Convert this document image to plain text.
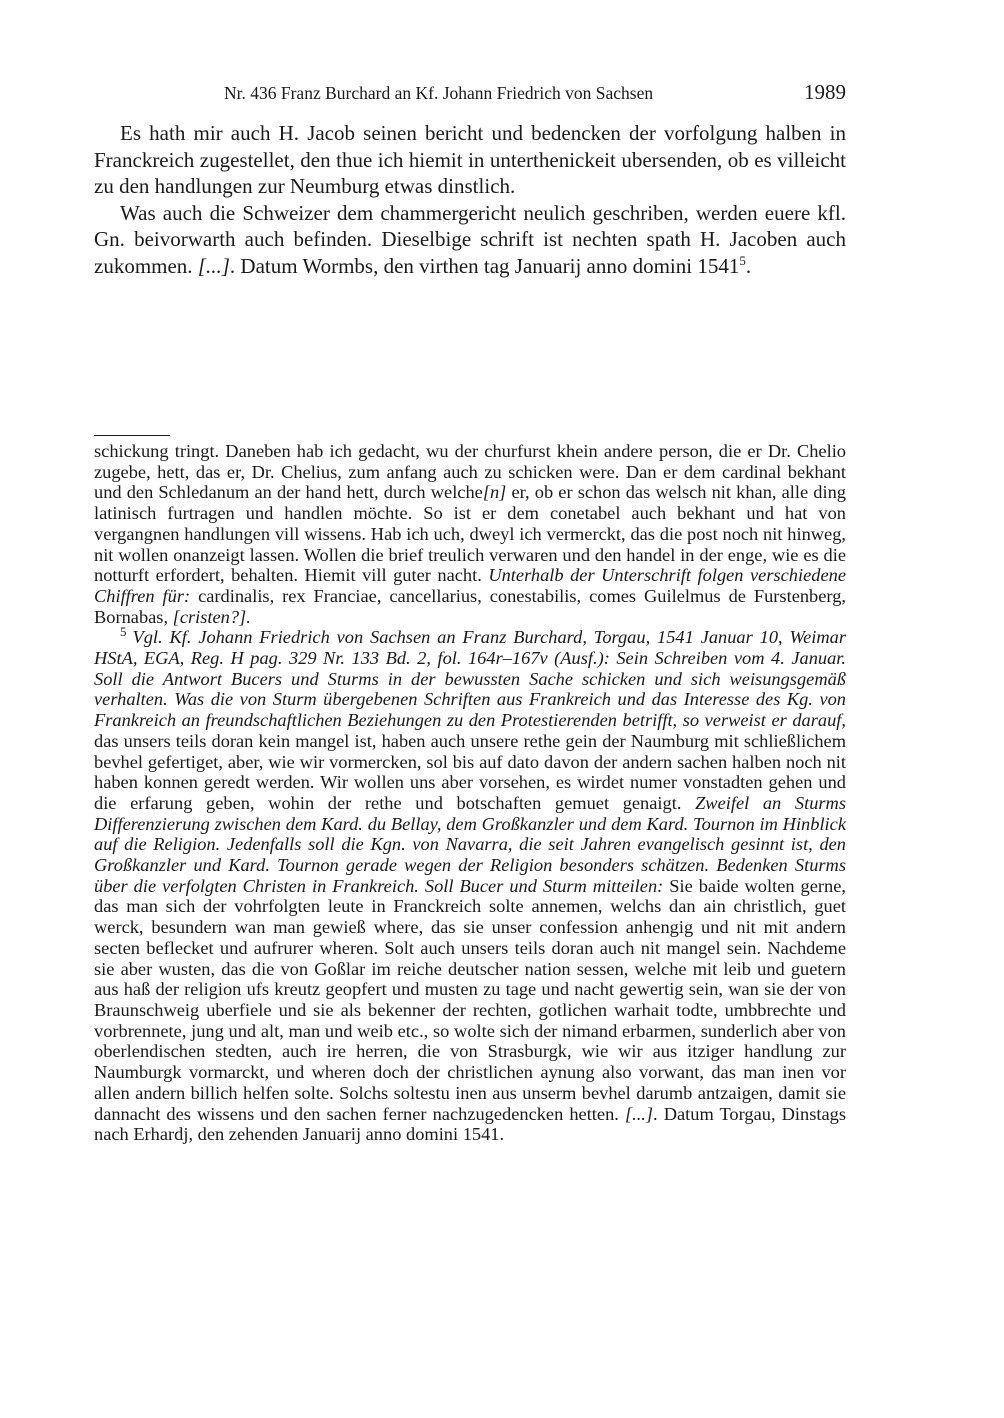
Nr. 436 Franz Burchard an Kf. Johann Friedrich von Sachsen	1989

Es hath mir auch H. Jacob seinen bericht und bedencken der vorfolgung halben in Franckreich zugestellet, den thue ich hiemit in unterthenickeit ubersenden, ob es villeicht zu den handlungen zur Neumburg etwas dinstlich.

Was auch die Schweizer dem chammergericht neulich geschriben, werden euere kfl. Gn. beivorwarth auch befinden. Dieselbige schrift ist nechten spath H. Jacoben auch zukommen. [...]. Datum Wormbs, den virthen tag Januarij anno domini 1541$^5$.

schickung tringt. Daneben hab ich gedacht, wu der churfurst khein andere person, die er Dr. Chelio zugebe, hett, das er, Dr. Chelius, zum anfang auch zu schicken were. Dan er dem cardinal bekhant und den Schledanum an der hand hett, durch welche[n] er, ob er schon das welsch nit khan, alle ding latinisch furtragen und handlen möchte. So ist er dem conetabel auch bekhant und hat von vergangnen handlungen vill wissens. Hab ich uch, dweyl ich vermerckt, das die post noch nit hinweg, nit wollen onanzeigt lassen. Wollen die brief treulich verwaren und den handel in der enge, wie es die notturft erfordert, behalten. Hiemit vill guter nacht. Unterhalb der Unterschrift folgen verschiedene Chiffren für: cardinalis, rex Franciae, cancellarius, conestabilis, comes Guilelmus de Furstenberg, Bornabas, [cristen?].

$^5$ Vgl. Kf. Johann Friedrich von Sachsen an Franz Burchard, Torgau, 1541 Januar 10, Weimar HStA, EGA, Reg. H pag. 329 Nr. 133 Bd. 2, fol. 164r–167v (Ausf.): Sein Schreiben vom 4. Januar. Soll die Antwort Bucers und Sturms in der bewussten Sache schicken und sich weisungsgemäß verhalten. Was die von Sturm übergebenen Schriften aus Frankreich und das Interesse des Kg. von Frankreich an freundschaftlichen Beziehungen zu den Protestierenden betrifft, so verweist er darauf, das unsers teils doran kein mangel ist, haben auch unsere rethe gein der Naumburg mit schließlichem bevhel gefertiget, aber, wie wir vormercken, sol bis auf dato davon der andern sachen halben noch nit haben konnen geredt werden. Wir wollen uns aber vorsehen, es wirdet numer vonstadten gehen und die erfarung geben, wohin der rethe und botschaften gemuet genaigt. Zweifel an Sturms Differenzierung zwischen dem Kard. du Bellay, dem Großkanzler und dem Kard. Tournon im Hinblick auf die Religion. Jedenfalls soll die Kgn. von Navarra, die seit Jahren evangelisch gesinnt ist, den Großkanzler und Kard. Tournon gerade wegen der Religion besonders schätzen. Bedenken Sturms über die verfolgten Christen in Frankreich. Soll Bucer und Sturm mitteilen: Sie baide wolten gerne, das man sich der vohrfolgten leute in Franckreich solte annemen, welchs dan ain christlich, guet werck, besundern wan man gewieß where, das sie unser confession anhengig und nit mit andern secten beflecket und aufrurer wheren. Solt auch unsers teils doran auch nit mangel sein. Nachdeme sie aber wusten, das die von Goßlar im reiche deutscher nation sessen, welche mit leib und guetern aus haß der religion ufs kreutz geopfert und musten zu tage und nacht gewertig sein, wan sie der von Braunschweig uberfiele und sie als bekenner der rechten, gotlichen warhait todte, umbbrechte und vorbrennete, jung und alt, man und weib etc., so wolte sich der nimand erbarmen, sunderlich aber von oberlendischen stedten, auch ire herren, die von Strasburgk, wie wir aus itziger handlung zur Naumburgk vormarckt, und wheren doch der christlichen aynung also vorwant, das man inen vor allen andern billich helfen solte. Solchs soltestu inen aus unserm bevhel darumb antzaigen, damit sie dannacht des wissens und den sachen ferner nachzugedencken hetten. [...]. Datum Torgau, Dinstags nach Erhardj, den zehenden Januarij anno domini 1541.
